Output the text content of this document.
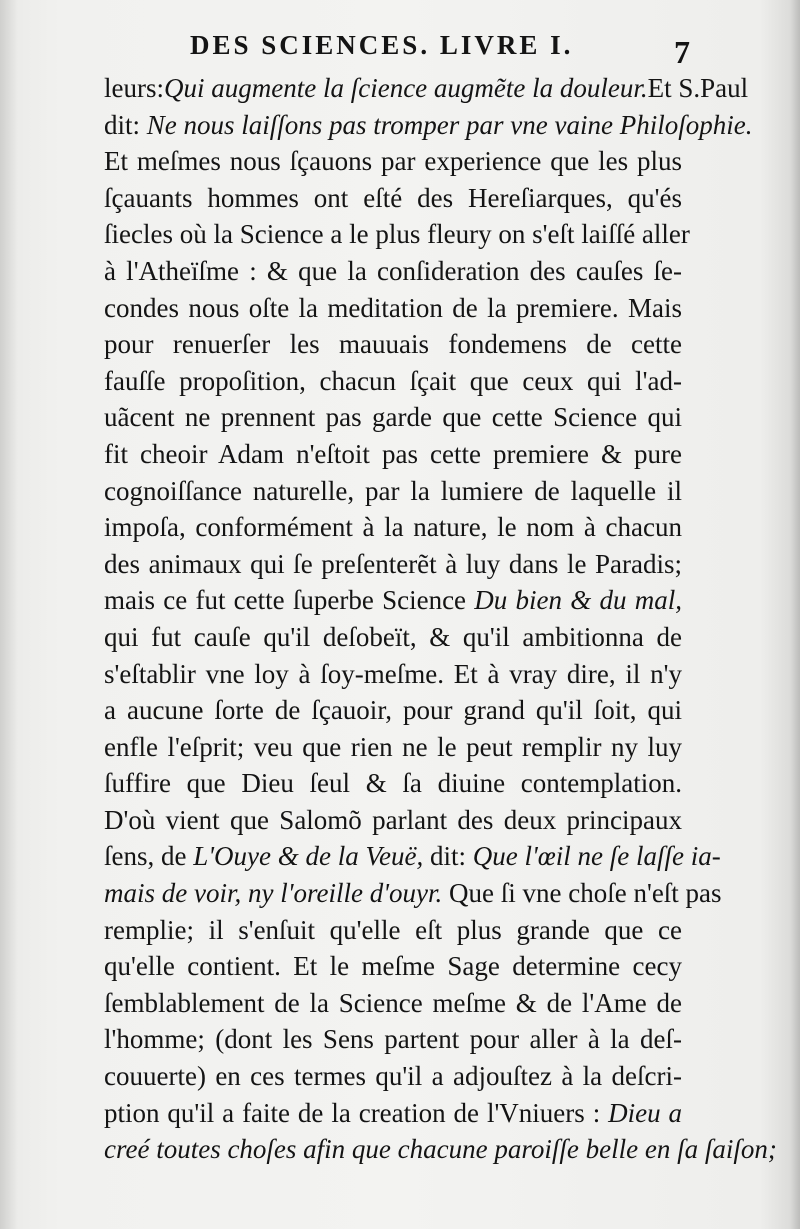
DES SCIENCES. LIVRE I.	7
leurs:Qui augmente la ſcience augmẽte la douleur.Et S.Paul
dit: Ne nous laiſſons pas tromper par vne vaine Philoſophie.
Et meſmes nous ſçauons par experience que les plus
ſçauants hommes ont eſté des Hereſiarques, qu'és
ſiecles où la Science a le plus fleury on s'eſt laiſſé aller
à l'Atheïſme : & que la conſideration des cauſes ſe-
condes nous oſte la meditation de la premiere. Mais
pour renuerſer les mauuais fondemens de cette
fauſſe propoſition, chacun ſçait que ceux qui l'ad-
uãcent ne prennent pas garde que cette Science qui
fit cheoir Adam n'eſtoit pas cette premiere & pure
cognoiſſance naturelle, par la lumiere de laquelle il
impoſa, conformément à la nature, le nom à chacun
des animaux qui ſe preſenterẽt à luy dans le Paradis;
mais ce fut cette ſuperbe Science Du bien & du mal,
qui fut cauſe qu'il deſobeït, & qu'il ambitionna de
s'eſtablir vne loy à ſoy-meſme. Et à vray dire, il n'y
a aucune ſorte de ſçauoir, pour grand qu'il ſoit, qui
enfle l'eſprit; veu que rien ne le peut remplir ny luy
ſuffire que Dieu ſeul & ſa diuine contemplation.
D'où vient que Salomõ parlant des deux principaux
ſens, de L'Ouye & de la Veuë, dit: Que l'œil ne ſe laſſe ia-
mais de voir, ny l'oreille d'ouyr. Que ſi vne choſe n'eſt pas
remplie; il s'enſuit qu'elle eſt plus grande que ce
qu'elle contient. Et le meſme Sage determine cecy
ſemblablement de la Science meſme & de l'Ame de
l'homme; (dont les Sens partent pour aller à la deſ-
couuerte) en ces termes qu'il a adjouſtez à la deſcri-
ption qu'il a faite de la creation de l'Vniuers : Dieu a
creé toutes choſes afin que chacune paroiſſe belle en ſa ſaiſon;
